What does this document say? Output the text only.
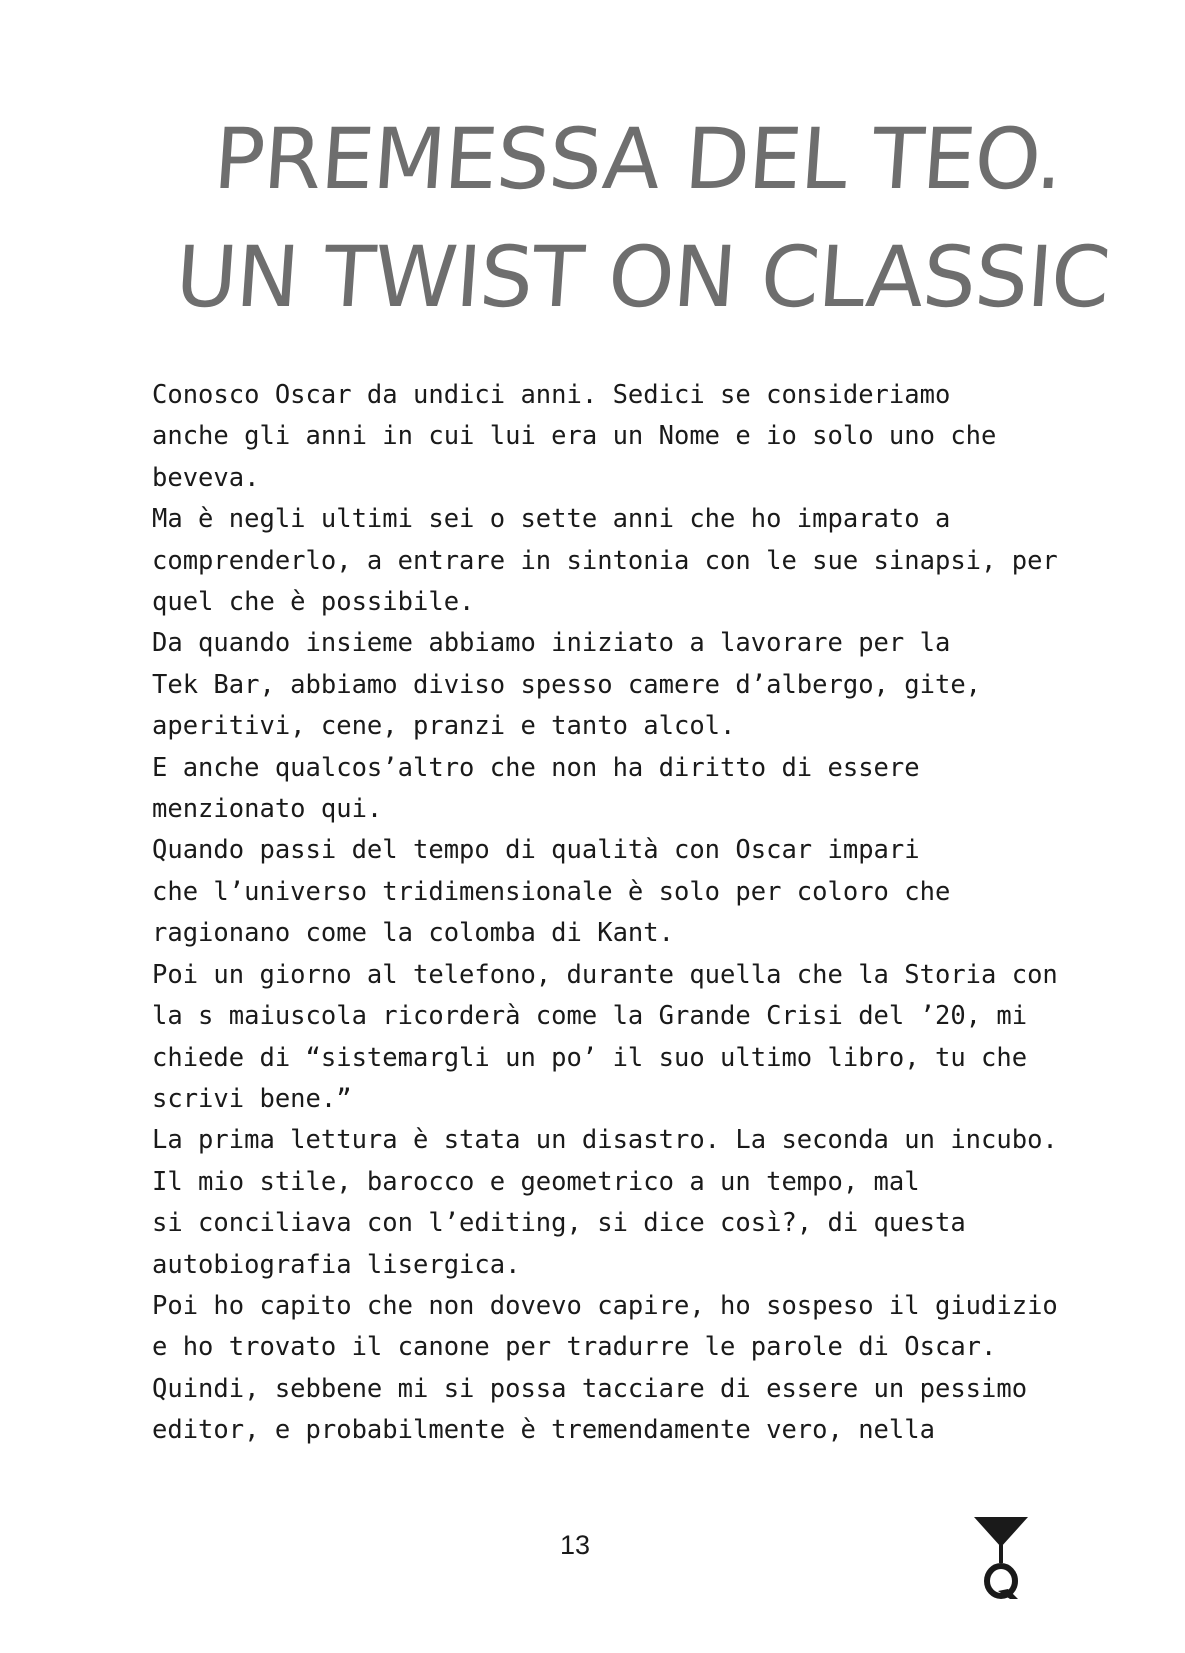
PREMESSA DEL TEO.
UN TWIST ON CLASSIC
Conosco Oscar da undici anni. Sedici se consideriamo
anche gli anni in cui lui era un Nome e io solo uno che
beveva.
Ma è negli ultimi sei o sette anni che ho imparato a
comprenderlo, a entrare in sintonia con le sue sinapsi, per
quel che è possibile.
Da quando insieme abbiamo iniziato a lavorare per la
Tek Bar, abbiamo diviso spesso camere d’albergo, gite,
aperitivi, cene, pranzi e tanto alcol.
E anche qualcos’altro che non ha diritto di essere
menzionato qui.
Quando passi del tempo di qualità con Oscar impari
che l’universo tridimensionale è solo per coloro che
ragionano come la colomba di Kant.
Poi un giorno al telefono, durante quella che la Storia con
la s maiuscola ricorderà come la Grande Crisi del ’20, mi
chiede di “sistemargli un po’ il suo ultimo libro, tu che
scrivi bene.”
La prima lettura è stata un disastro. La seconda un incubo.
Il mio stile, barocco e geometrico a un tempo, mal
si conciliava con l’editing, si dice così?, di questa
autobiografia lisergica.
Poi ho capito che non dovevo capire, ho sospeso il giudizio
e ho trovato il canone per tradurre le parole di Oscar.
Quindi, sebbene mi si possa tacciare di essere un pessimo
editor, e probabilmente è tremendamente vero, nella
13
